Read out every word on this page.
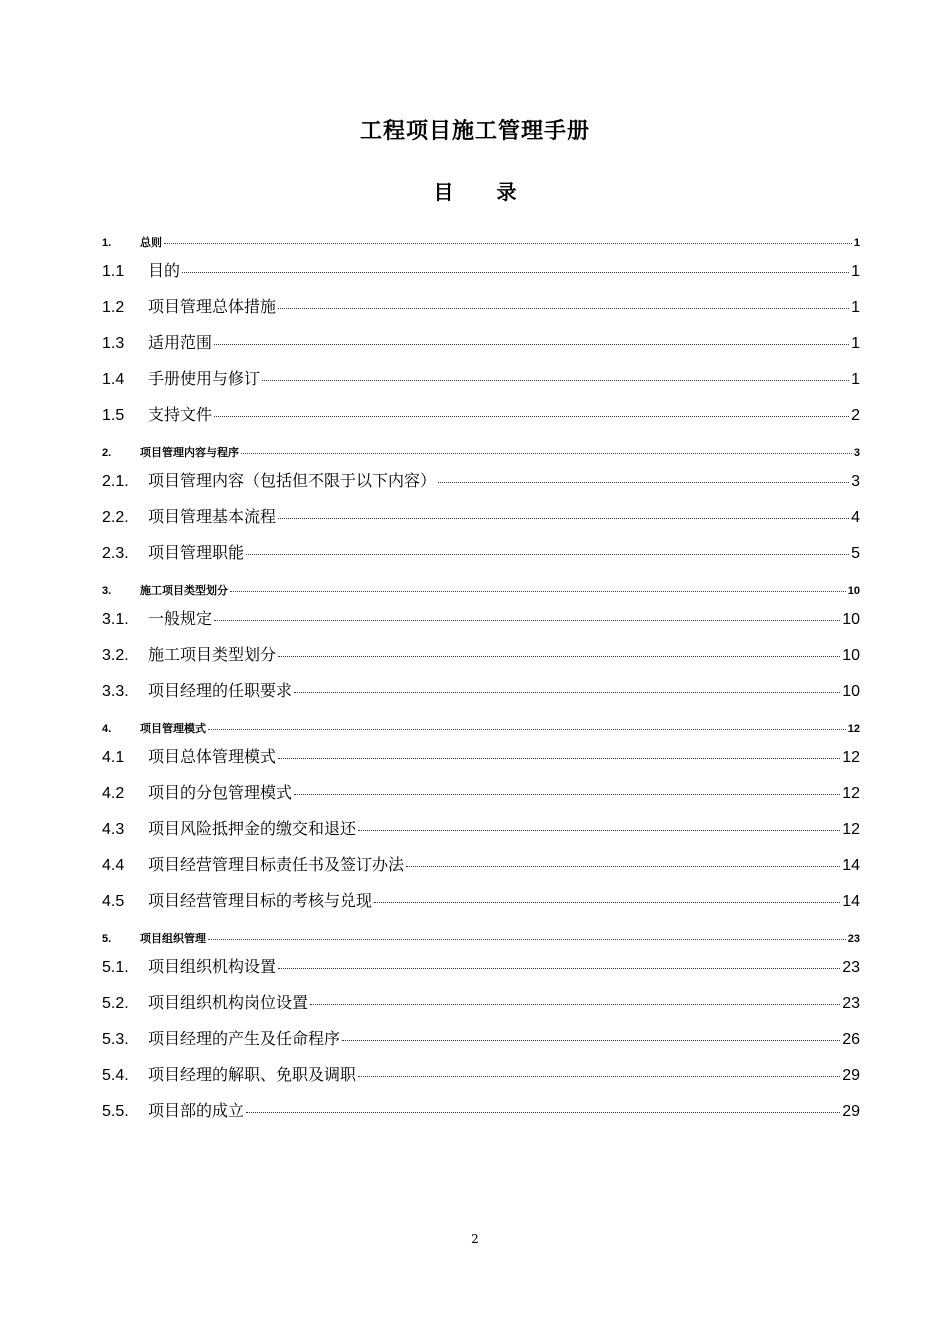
工程项目施工管理手册
目 录
1.	总则	1
1.1	目的	1
1.2	项目管理总体措施	1
1.3	适用范围	1
1.4	手册使用与修订	1
1.5	支持文件	2
2.	项目管理内容与程序	3
2.1.	项目管理内容（包括但不限于以下内容）	3
2.2.	项目管理基本流程	4
2.3.	项目管理职能	5
3.	施工项目类型划分	10
3.1.	一般规定	10
3.2.	施工项目类型划分	10
3.3.	项目经理的任职要求	10
4.	项目管理模式	12
4.1	项目总体管理模式	12
4.2	项目的分包管理模式	12
4.3	项目风险抵押金的缴交和退还	12
4.4	项目经营管理目标责任书及签订办法	14
4.5	项目经营管理目标的考核与兑现	14
5.	项目组织管理	23
5.1.	项目组织机构设置	23
5.2.	项目组织机构岗位设置	23
5.3.	项目经理的产生及任命程序	26
5.4.	项目经理的解职、免职及调职	29
5.5.	项目部的成立	29
2
